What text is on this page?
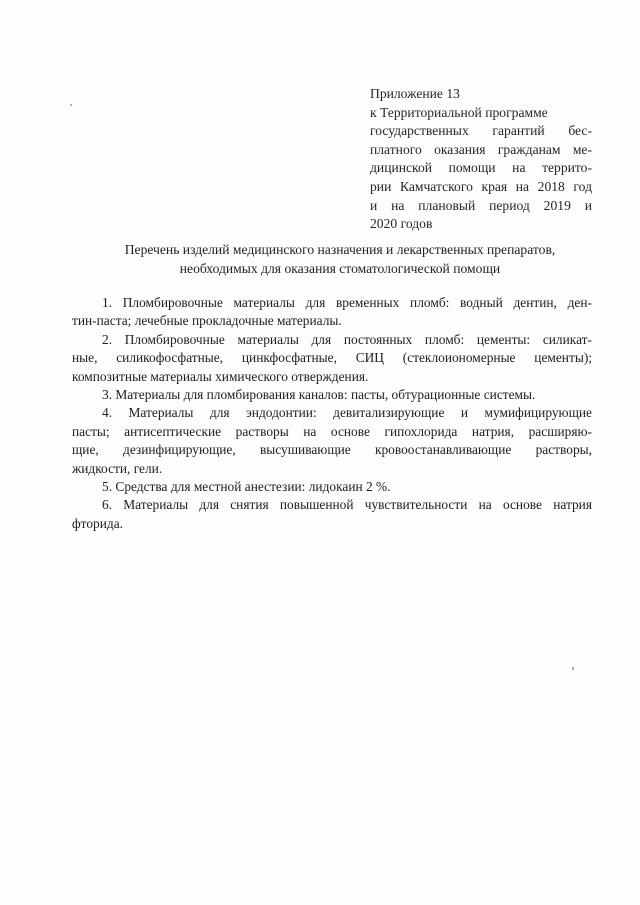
Приложение 13
к Территориальной программе
государственных гарантий бес-
платного оказания гражданам ме-
дицинской помощи на террито-
рии Камчатского края на 2018 год
и на плановый период 2019 и
2020 годов
Перечень изделий медицинского назначения и лекарственных препаратов,
необходимых для оказания стоматологической помощи
1. Пломбировочные материалы для временных пломб: водный дентин, ден-
тин-паста; лечебные прокладочные материалы.
2. Пломбировочные материалы для постоянных пломб: цементы: силикат-
ные, силикофосфатные, цинкфосфатные, СИЦ (стеклоиономерные цементы);
композитные материалы химического отверждения.
3. Материалы для пломбирования каналов: пасты, обтурационные системы.
4. Материалы для эндодонтии: девитализирующие и мумифицирующие
пасты; антисептические растворы на основе гипохлорида натрия, расширяю-
щие, дезинфицирующие, высушивающие кровоостанавливающие растворы,
жидкости, гели.
5. Средства для местной анестезии: лидокаин 2 %.
6. Материалы для снятия повышенной чувствительности на основе натрия
фторида.
